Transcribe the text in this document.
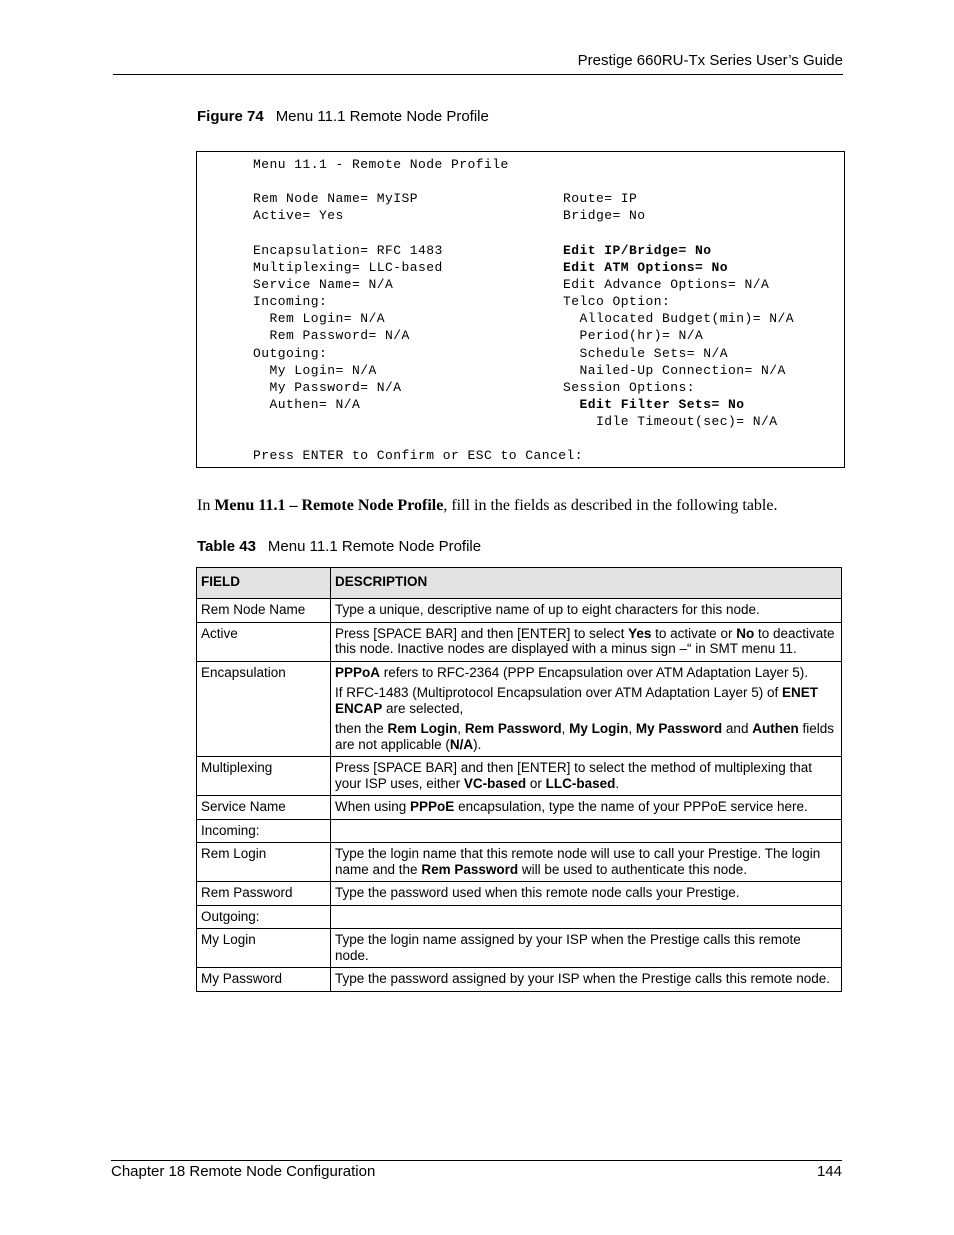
Prestige 660RU-Tx Series User’s Guide
Figure 74 Menu 11.1 Remote Node Profile
Menu 11.1 - Remote Node Profile
Rem Node Name= MyISP
Active= Yes
Encapsulation= RFC 1483
Multiplexing= LLC-based
Service Name= N/A
Incoming:
Rem Login= N/A
Rem Password= N/A
Outgoing:
My Login= N/A
My Password= N/A
Authen= N/A
Route= IP
Bridge= No
Edit IP/Bridge= No
Edit ATM Options= No
Edit Advance Options= N/A
Telco Option:
Allocated Budget(min)= N/A
Period(hr)= N/A
Schedule Sets= N/A
Nailed-Up Connection= N/A
Session Options:
Edit Filter Sets= No
Idle Timeout(sec)= N/A
Press ENTER to Confirm or ESC to Cancel:
In Menu 11.1 – Remote Node Profile, fill in the fields as described in the following table.
Table 43 Menu 11.1 Remote Node Profile
FIELD	DESCRIPTION
Rem Node Name	Type a unique, descriptive name of up to eight characters for this node.
Active	Press [SPACE BAR] and then [ENTER] to select Yes to activate or No to deactivate this node. Inactive nodes are displayed with a minus sign –“ in SMT menu 11.
Encapsulation	PPPoA refers to RFC-2364 (PPP Encapsulation over ATM Adaptation Layer 5).

If RFC-1483 (Multiprotocol Encapsulation over ATM Adaptation Layer 5) of ENET ENCAP are selected,

then the Rem Login, Rem Password, My Login, My Password and Authen fields are not applicable (N/A).

Multiplexing	Press [SPACE BAR] and then [ENTER] to select the method of multiplexing that your ISP uses, either VC-based or LLC-based.
Service Name	When using PPPoE encapsulation, type the name of your PPPoE service here.
Incoming:	
Rem Login	Type the login name that this remote node will use to call your Prestige. The login name and the Rem Password will be used to authenticate this node.
Rem Password	Type the password used when this remote node calls your Prestige.
Outgoing:	
My Login	Type the login name assigned by your ISP when the Prestige calls this remote node.
My Password	Type the password assigned by your ISP when the Prestige calls this remote node.
Chapter 18 Remote Node Configuration	144
